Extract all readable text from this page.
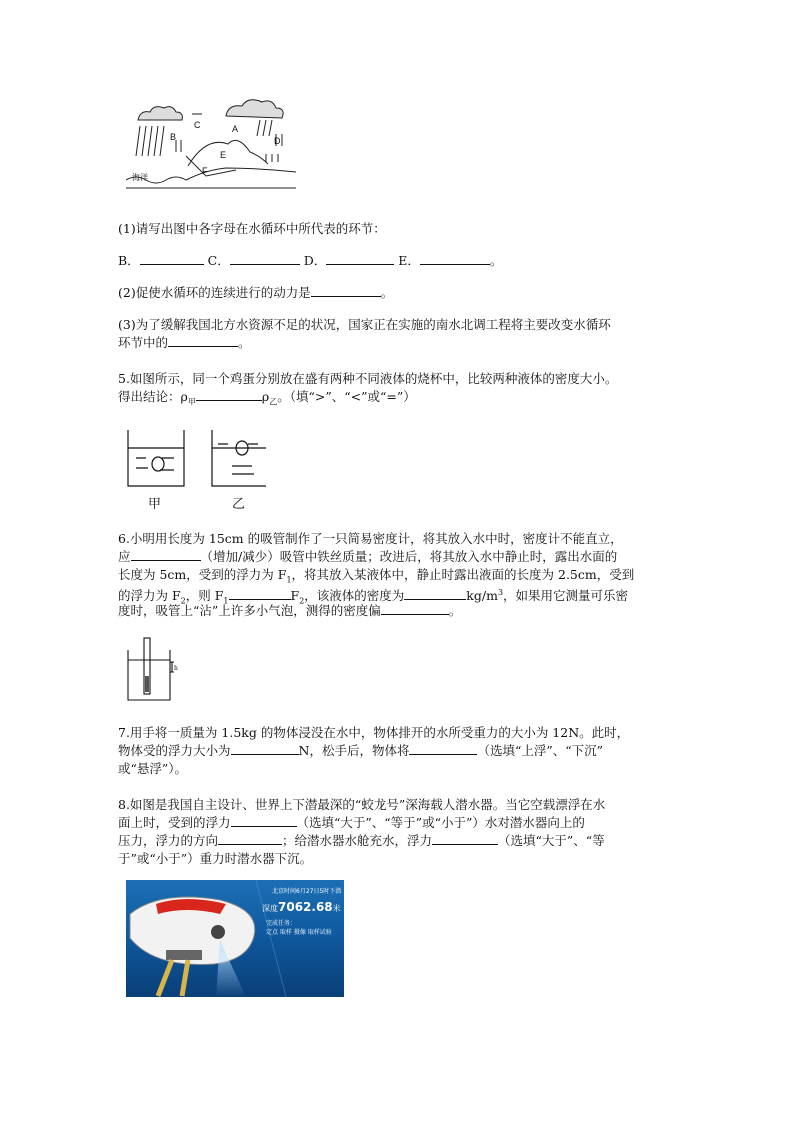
B
C	A
D
E
F
海洋
(1)请写出图中各字母在水循环中所代表的环节：
B．	C．	D．	E．	。
(2)促使水循环的连续进行的动力是	。
(3)为了缓解我国北方水资源不足的状况，国家正在实施的南水北调工程将主要改变水循环
环节中的	。
5.如图所示，同一个鸡蛋分别放在盛有两种不同液体的烧杯中，比较两种液体的密度大小。
得出结论：$\rho_甲$	$\rho_乙$。（填“>”、“<”或“=”）
甲	乙
6.小明用长度为 15cm 的吸管制作了一只简易密度计，将其放入水中时，密度计不能直立，
应	（增加/减少）吸管中铁丝质量；改进后，将其放入水中静止时，露出水面的
长度为 5cm，受到的浮力为 $F_1$，将其放入某液体中，静止时露出液面的长度为 2.5cm，受到
的浮力为 $F_2$，则 $F_1$	$F_2$，该液体的密度为	$kg/m^3$，如果用它测量可乐密
度时，吸管上“沾”上许多小气泡，测得的密度偏	。
h
7.用手将一质量为 1.5kg 的物体浸没在水中，物体排开的水所受重力的大小为 12N。此时，
物体受的浮力大小为	N，松手后，物体将	（选填“上浮”、“下沉”
或“悬浮”）。
8.如图是我国自主设计、世界上下潜最深的“蛟龙号”深海载人潜水器。当它空载漂浮在水
面上时，受到的浮力	（选填“大于”、“等于”或“小于”）水对潜水器向上的
压力，浮力的方向	；给潜水器水舱充水，浮力	（选填“大于”、“等
于”或“小于”）重力时潜水器下沉。
北京时间6月27日5时下潜
深度7062.68米
完成任务：
定点 取样 摄像 取样试验
